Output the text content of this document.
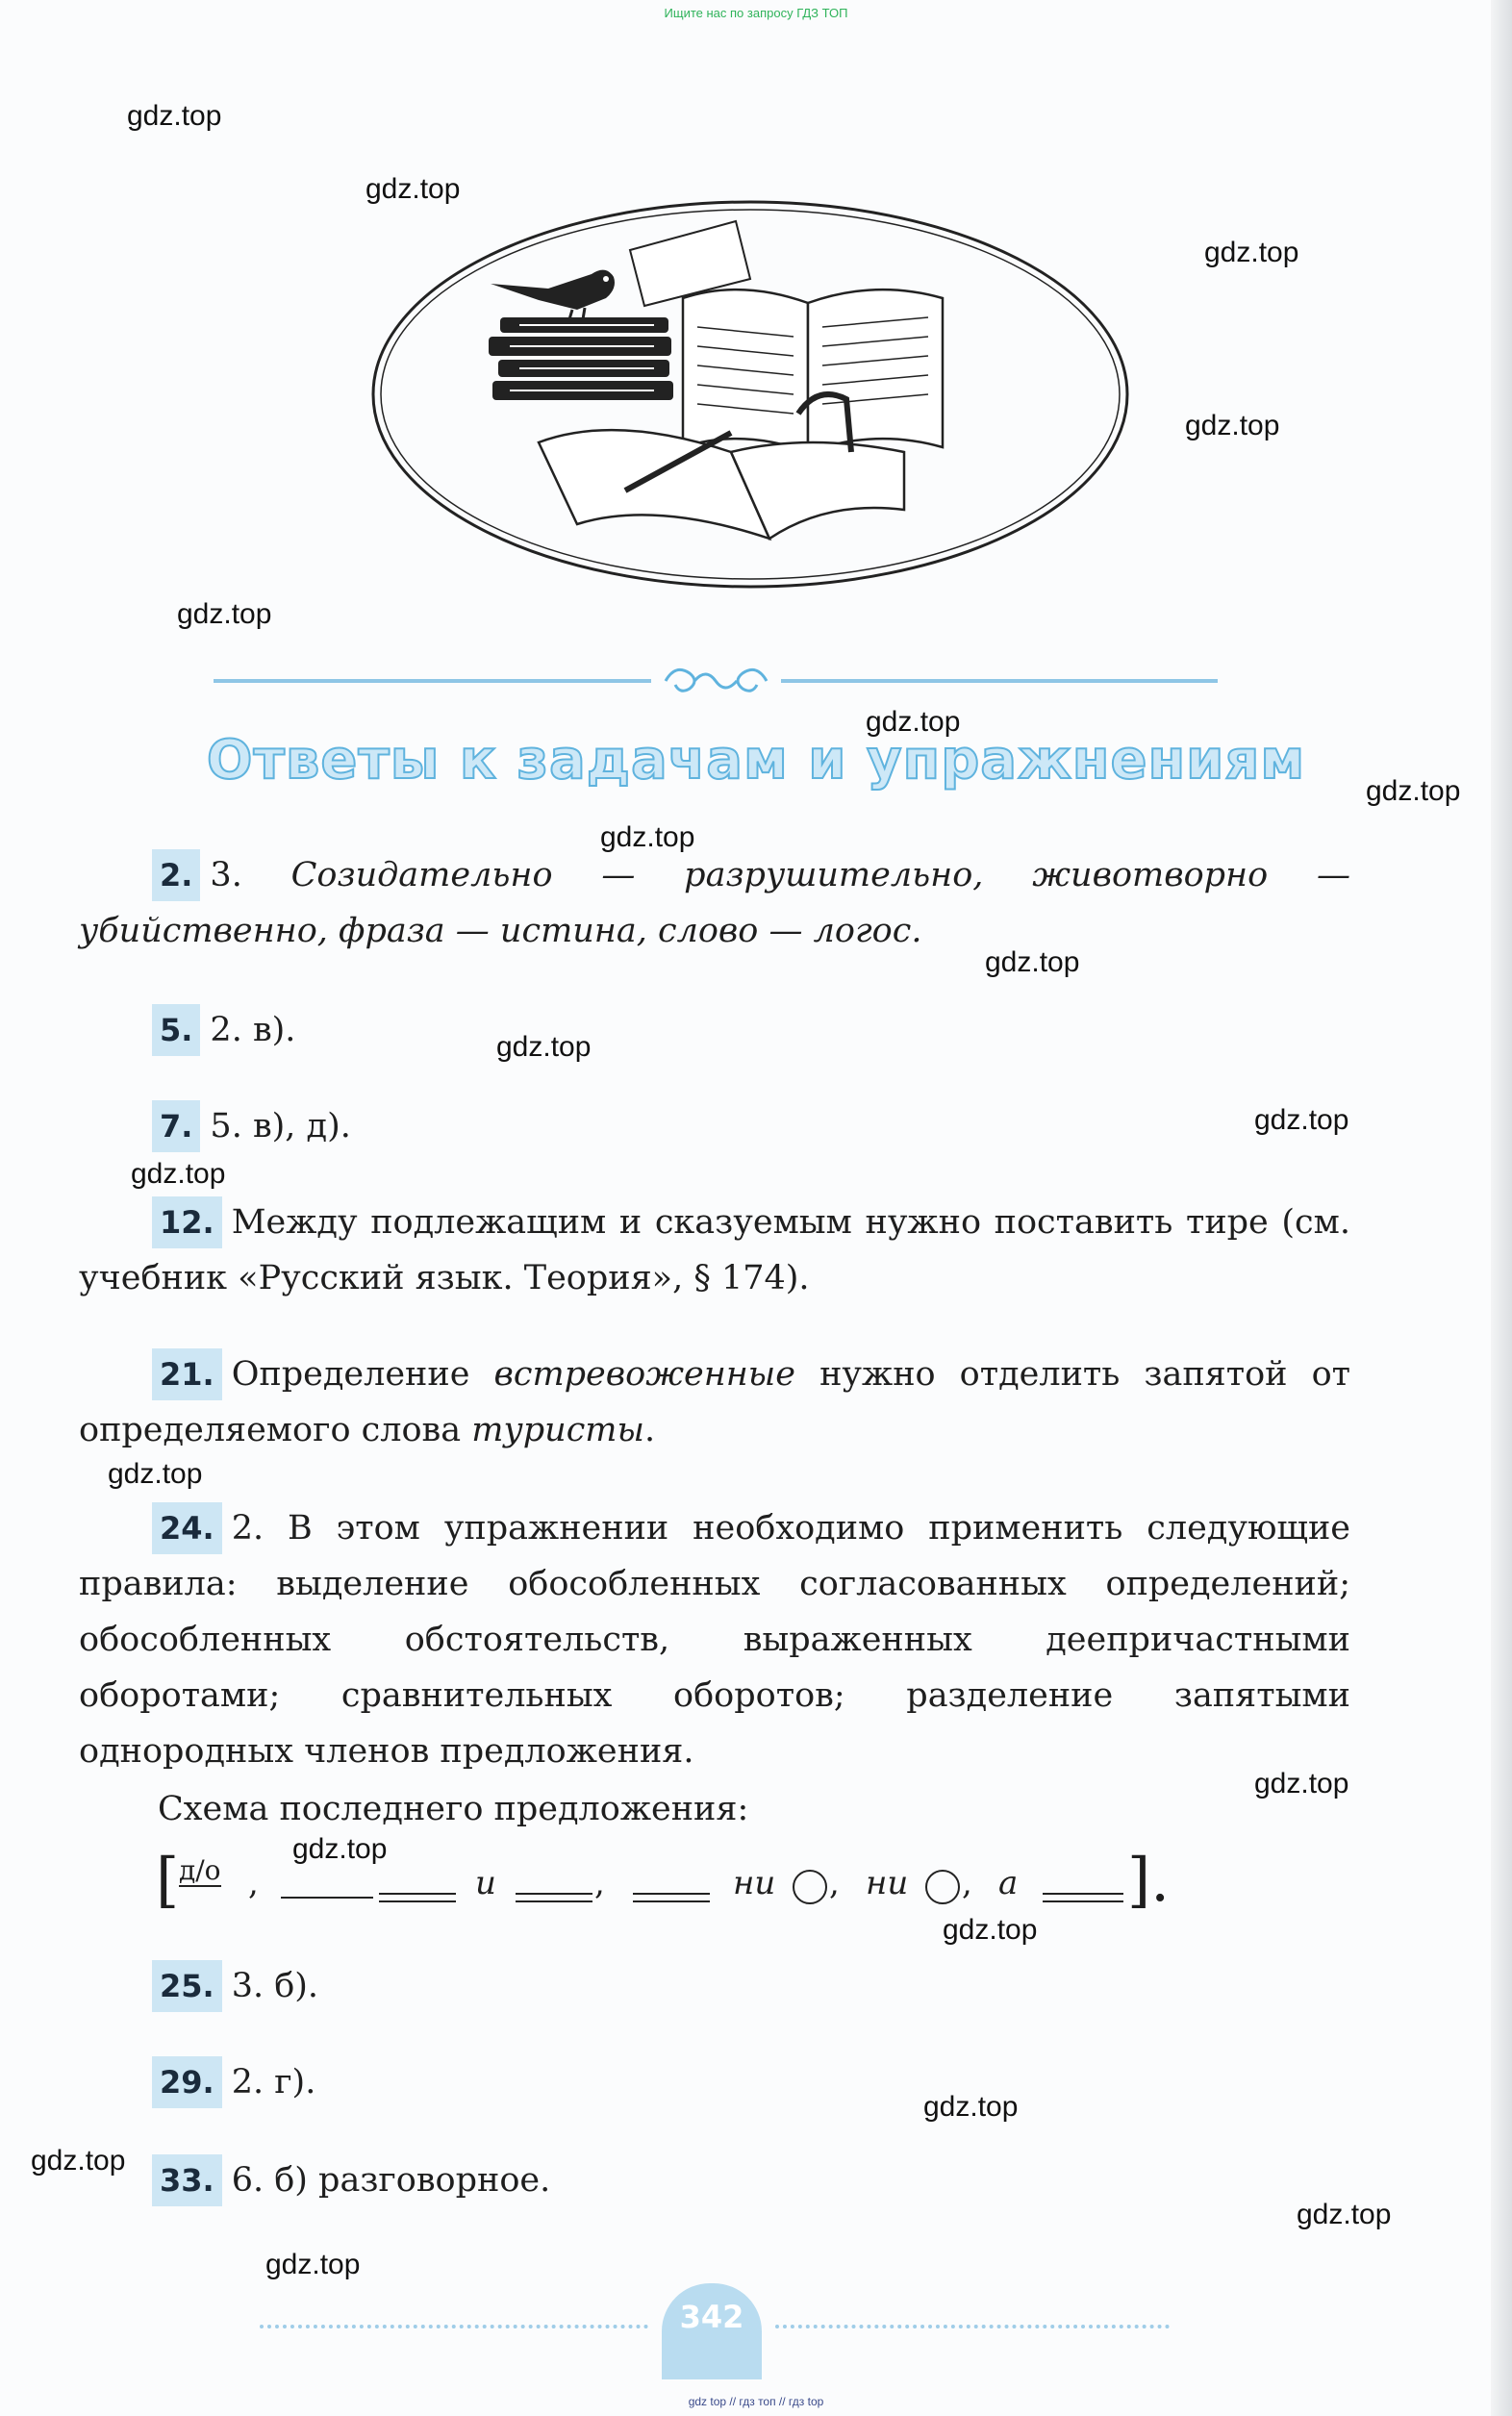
Ищите нас по запросу ГДЗ ТОП
Ответы к задачам и упражнениям
2. 3. Созидательно — разрушительно, животворно — убийственно, фраза — истина, слово — логос.
5. 2. в).
7. 5. в), д).
12. Между подлежащим и сказуемым нужно поставить тире (см. учебник «Русский язык. Теория», § 174).
21. Определение встревоженные нужно отделить запятой от определяемого слова туристы.
24. 2. В этом упражнении необходимо применить следующие правила: выделение обособленных согласованных определений; обособленных обстоятельств, выраженных деепричастными оборотами; сравнительных оборотов; разделение запятыми однородных членов предложения.
Схема последнего предложения:
[ д/о ,	и	,	ни , ни , а ].
25. 3. б).
29. 2. г).
33. 6. б) разговорное.
342
gdz top // гдз топ // гдз top
gdz.top
gdz.top
gdz.top
gdz.top
gdz.top
gdz.top
gdz.top
gdz.top
gdz.top
gdz.top
gdz.top
gdz.top
gdz.top
gdz.top
gdz.top
gdz.top
gdz.top
gdz.top
gdz.top
gdz.top
